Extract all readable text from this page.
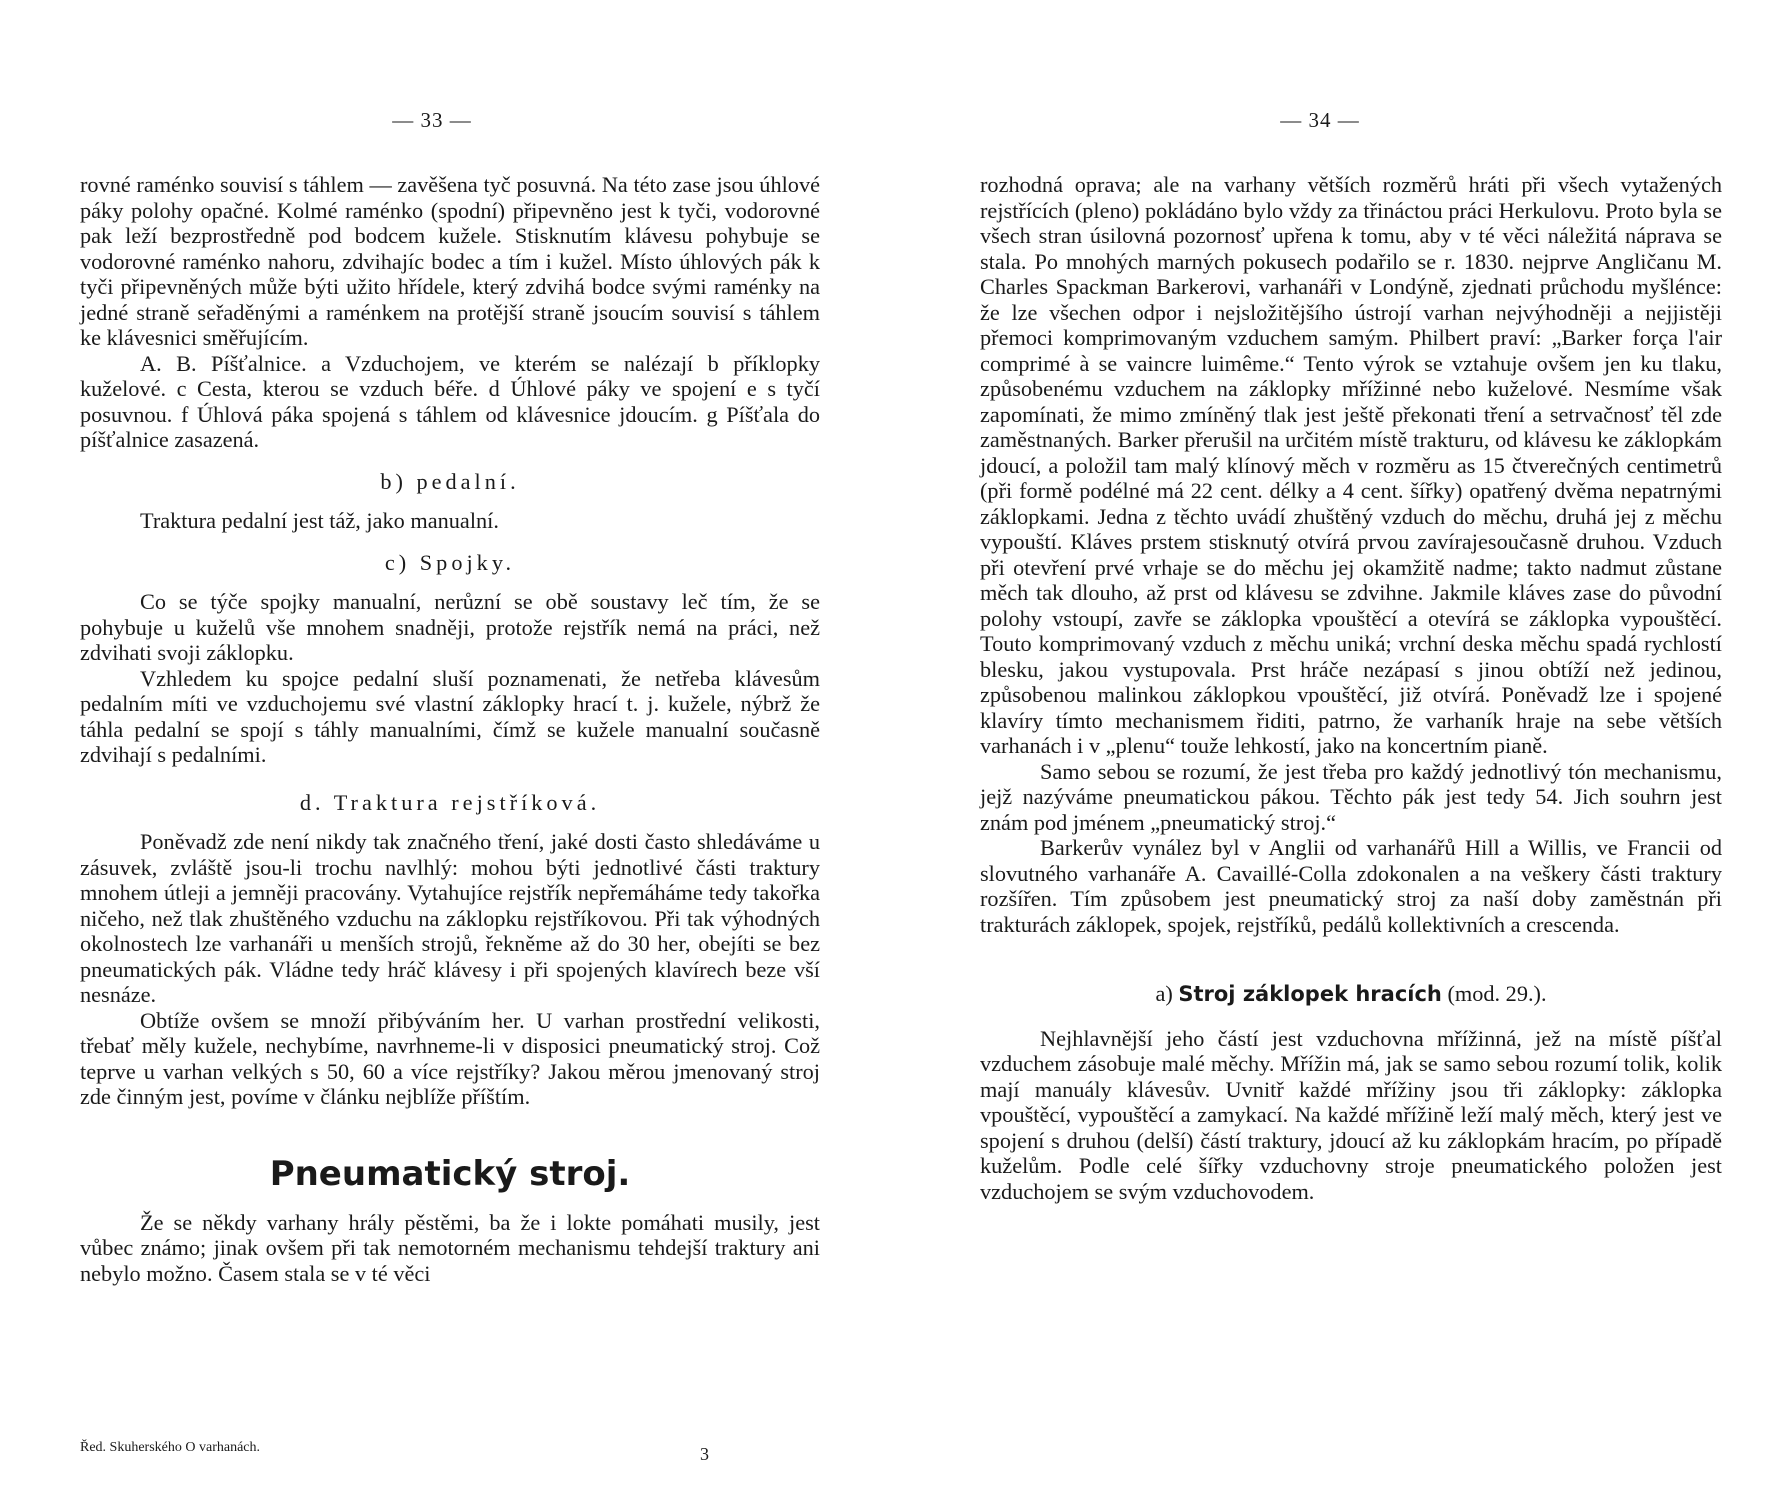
— 33 —

rovné raménko souvisí s táhlem — zavěšena tyč posuvná. Na této zase jsou úhlové páky polohy opačné. Kolmé raménko (spodní) připevněno jest k tyči, vodorovné pak leží bezprostředně pod bodcem kužele. Stisknutím klávesu pohybuje se vodorovné raménko nahoru, zdvihajíc bodec a tím i kužel. Místo úhlových pák k tyči připevněných může býti užito hřídele, který zdvihá bodce svými raménky na jedné straně seřaděnými a raménkem na protější straně jsoucím souvisí s táhlem ke klávesnici směřujícím.

A. B. Píšťalnice. a Vzduchojem, ve kterém se nalézají b příklopky kuželové. c Cesta, kterou se vzduch béře. d Úhlové páky ve spojení e s tyčí posuvnou. f Úhlová páka spojená s táhlem od klávesnice jdoucím. g Píšťala do píšťalnice zasazená.

b) pedalní.

Traktura pedalní jest táž, jako manualní.

c) Spojky.

Co se týče spojky manualní, nerůzní se obě soustavy leč tím, že se pohybuje u kuželů vše mnohem snadněji, protože rejstřík nemá na práci, než zdvihati svoji záklopku.

Vzhledem ku spojce pedalní sluší poznamenati, že netřeba klávesům pedalním míti ve vzduchojemu své vlastní záklopky hrací t. j. kužele, nýbrž že táhla pedalní se spojí s táhly manualními, čímž se kužele manualní současně zdvihají s pedalními.

d. Traktura rejstříková.

Poněvadž zde není nikdy tak značného tření, jaké dosti často shledáváme u zásuvek, zvláště jsou-li trochu navlhlý: mohou býti jednotlivé části traktury mnohem útleji a jemněji pracovány. Vytahujíce rejstřík nepřemáháme tedy takořka ničeho, než tlak zhuštěného vzduchu na záklopku rejstříkovou. Při tak výhodných okolnostech lze varhanáři u menších strojů, řekněme až do 30 her, obejíti se bez pneumatických pák. Vládne tedy hráč klávesy i při spojených klavírech beze vší nesnáze.

Obtíže ovšem se množí přibýváním her. U varhan prostřední velikosti, třebať měly kužele, nechybíme, navrhneme-li v disposici pneumatický stroj. Což teprve u varhan velkých s 50, 60 a více rejstříky? Jakou měrou jmenovaný stroj zde činným jest, povíme v článku nejblíže příštím.

Pneumatický stroj.

Že se někdy varhany hrály pěstěmi, ba že i lokte pomáhati musily, jest vůbec známo; jinak ovšem při tak nemotorném mechanismu tehdejší traktury ani nebylo možno. Časem stala se v té věci

Řed. Skuherského O varhanách.	3
— 34 —

rozhodná oprava; ale na varhany větších rozměrů hráti při všech vytažených rejstřících (pleno) pokládáno bylo vždy za třináctou práci Herkulovu. Proto byla se všech stran úsilovná pozornosť upřena k tomu, aby v té věci náležitá náprava se stala. Po mnohých marných pokusech podařilo se r. 1830. nejprve Angličanu M. Charles Spackman Barkerovi, varhanáři v Londýně, zjednati průchodu myšlénce: že lze všechen odpor i nejsložitějšího ústrojí varhan nejvýhodněji a nejjistěji přemoci komprimovaným vzduchem samým. Philbert praví: „Barker força l'air comprimé à se vaincre luimême.“ Tento výrok se vztahuje ovšem jen ku tlaku, způsobenému vzduchem na záklopky mřížinné nebo kuželové. Nesmíme však zapomínati, že mimo zmíněný tlak jest ještě překonati tření a setrvačnosť těl zde zaměstnaných. Barker přerušil na určitém místě trakturu, od klávesu ke záklopkám jdoucí, a položil tam malý klínový měch v rozměru as 15 čtverečných centimetrů (při formě podélné má 22 cent. délky a 4 cent. šířky) opatřený dvěma nepatrnými záklopkami. Jedna z těchto uvádí zhuštěný vzduch do měchu, druhá jej z měchu vypouští. Kláves prstem stisknutý otvírá prvou zavírajesoučasně druhou. Vzduch při otevření prvé vrhaje se do měchu jej okamžitě nadme; takto nadmut zůstane měch tak dlouho, až prst od klávesu se zdvihne. Jakmile kláves zase do původní polohy vstoupí, zavře se záklopka vpouštěcí a otevírá se záklopka vypouštěcí. Touto komprimovaný vzduch z měchu uniká; vrchní deska měchu spadá rychlostí blesku, jakou vystupovala. Prst hráče nezápasí s jinou obtíží než jedinou, způsobenou malinkou záklopkou vpouštěcí, již otvírá. Poněvadž lze i spojené klavíry tímto mechanismem řiditi, patrno, že varhaník hraje na sebe větších varhanách i v „plenu“ touže lehkostí, jako na koncertním pianě.

Samo sebou se rozumí, že jest třeba pro každý jednotlivý tón mechanismu, jejž nazýváme pneumatickou pákou. Těchto pák jest tedy 54. Jich souhrn jest znám pod jménem „pneumatický stroj.“

Barkerův vynález byl v Anglii od varhanářů Hill a Willis, ve Francii od slovutného varhanáře A. Cavaillé-Colla zdokonalen a na veškery části traktury rozšířen. Tím způsobem jest pneumatický stroj za naší doby zaměstnán při trakturách záklopek, spojek, rejstříků, pedálů kollektivních a crescenda.

a) Stroj záklopek hracích (mod. 29.).

Nejhlavnější jeho částí jest vzduchovna mřížinná, jež na místě píšťal vzduchem zásobuje malé měchy. Mřížin má, jak se samo sebou rozumí tolik, kolik mají manuály klávesův. Uvnitř každé mřížiny jsou tři záklopky: záklopka vpouštěcí, vypouštěcí a zamykací. Na každé mřížině leží malý měch, který jest ve spojení s druhou (delší) částí traktury, jdoucí až ku záklopkám hracím, po případě kuželům. Podle celé šířky vzduchovny stroje pneumatického položen jest vzduchojem se svým vzduchovodem.
